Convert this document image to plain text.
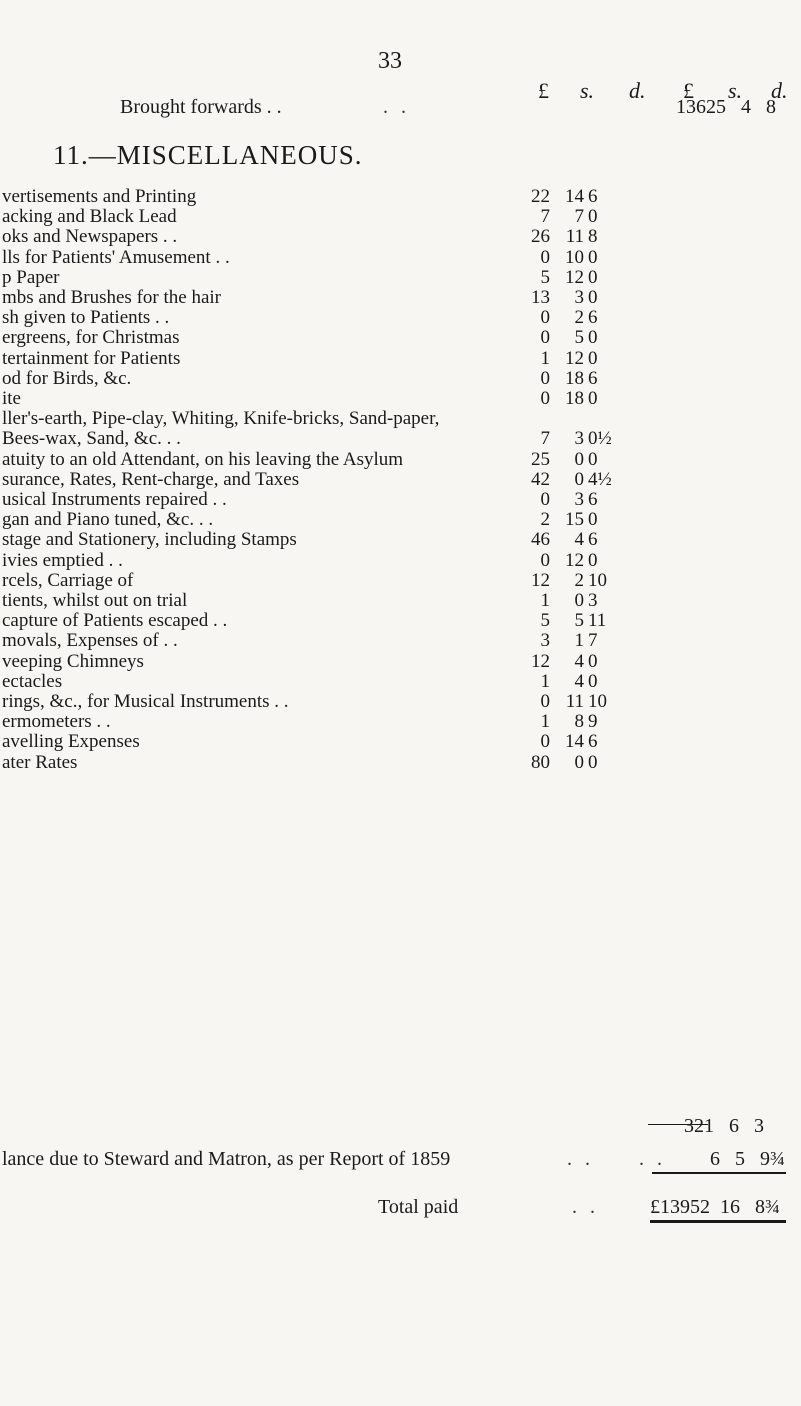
33
£ s. d. £ s. d.
Brought forwards . .	. .	13625   4   8
11.—MISCELLANEOUS.
vertisements and Printing	22 14 6
acking and Black Lead	7	7 0
oks and Newspapers . .	26 11 8
lls for Patients' Amusement . .	0 10 0
p Paper	5 12 0
mbs and Brushes for the hair	13	3 0
sh given to Patients . .	0	2 6
ergreens, for Christmas	0	5 0
tertainment for Patients	1 12 0
od for Birds, &c.	0 18 6
ite	0 18 0
ller's-earth, Pipe-clay, Whiting, Knife-bricks, Sand-paper,
Bees-wax, Sand, &c. . .	7	3 0½
atuity to an old Attendant, on his leaving the Asylum	25	0 0
surance, Rates, Rent-charge, and Taxes	42	0 4½
usical Instruments repaired . .	0	3 6
gan and Piano tuned, &c. . .	2 15 0
stage and Stationery, including Stamps	46	4 6
ivies emptied . .	0 12 0
rcels, Carriage of	12	2 10
tients, whilst out on trial	1	0 3
capture of Patients escaped . .	5	5 11
movals, Expenses of . .	3	1 7
veeping Chimneys	12	4 0
ectacles	1	4 0
rings, &c., for Musical Instruments . .	0 11 10
ermometers . .	1	8 9
avelling Expenses	0 14 6
ater Rates	80	0 0
321   6   3
lance due to Steward and Matron, as per Report of 1859	. .     . . 6   5   9¾
Total paid	. .	£13952  16   8¾
